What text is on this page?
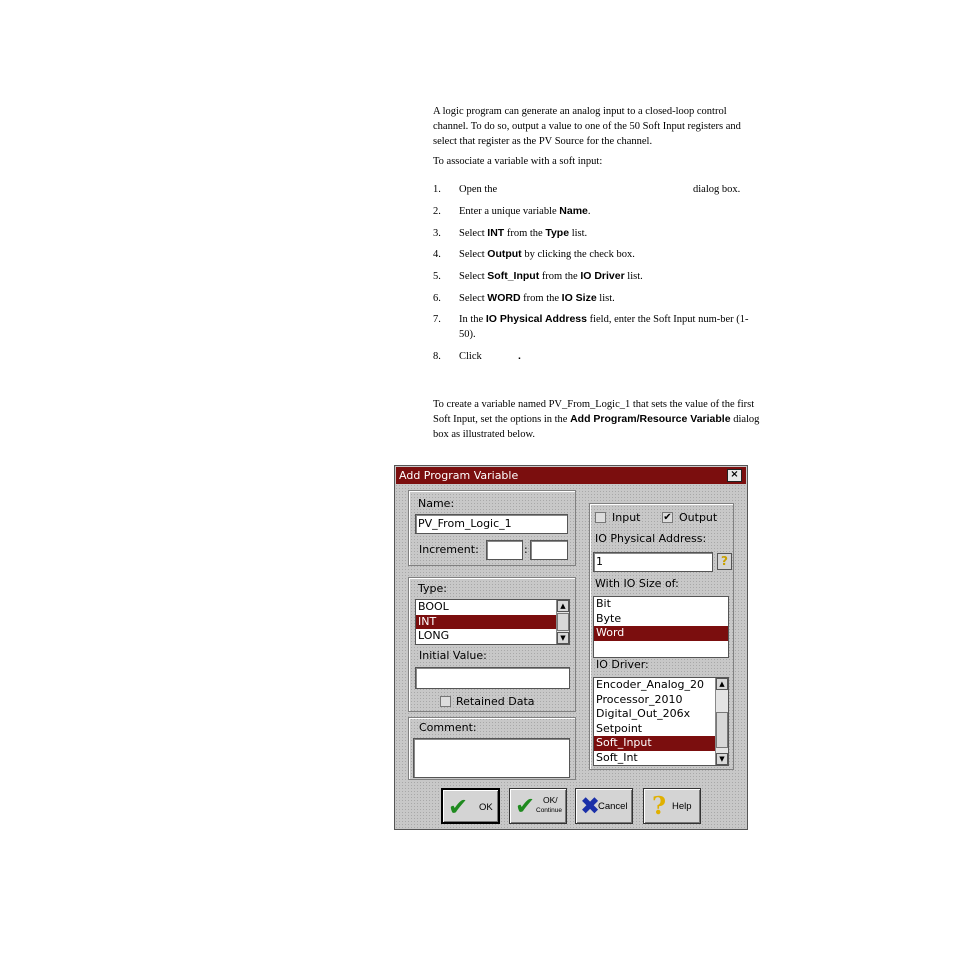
A logic program can generate an analog input to a closed-loop control channel. To do so, output a value to one of the 50 Soft Input registers and select that register as the PV Source for the channel.
To associate a variable with a soft input:
1. Open the	dialog box.
2. Enter a unique variable Name.
3. Select INT from the Type list.
4. Select Output by clicking the check box.
5. Select Soft_Input from the IO Driver list.
6. Select WORD from the IO Size list.
7. In the IO Physical Address field, enter the Soft Input num-ber (1-50).
8. Click	.
To create a variable named PV_From_Logic_1 that sets the value of the first Soft Input, set the options in the Add Program/Resource Variable dialog box as illustrated below.
Add Program Variable	×
Name:
PV_From_Logic_1
Increment:	:
Type:
BOOL
INT
LONG
▲
▼
Initial Value:
Retained Data
Comment:
Input ✔ Output
IO Physical Address:
1	?
With IO Size of:
Bit
Byte
Word
IO Driver:
Encoder_Analog_20
Processor_2010
Digital_Out_206x
Setpoint
Soft_Input
Soft_Int
▲
▼
✔ OK ✔ OK/
Continue ✖
Cancel ? Help
